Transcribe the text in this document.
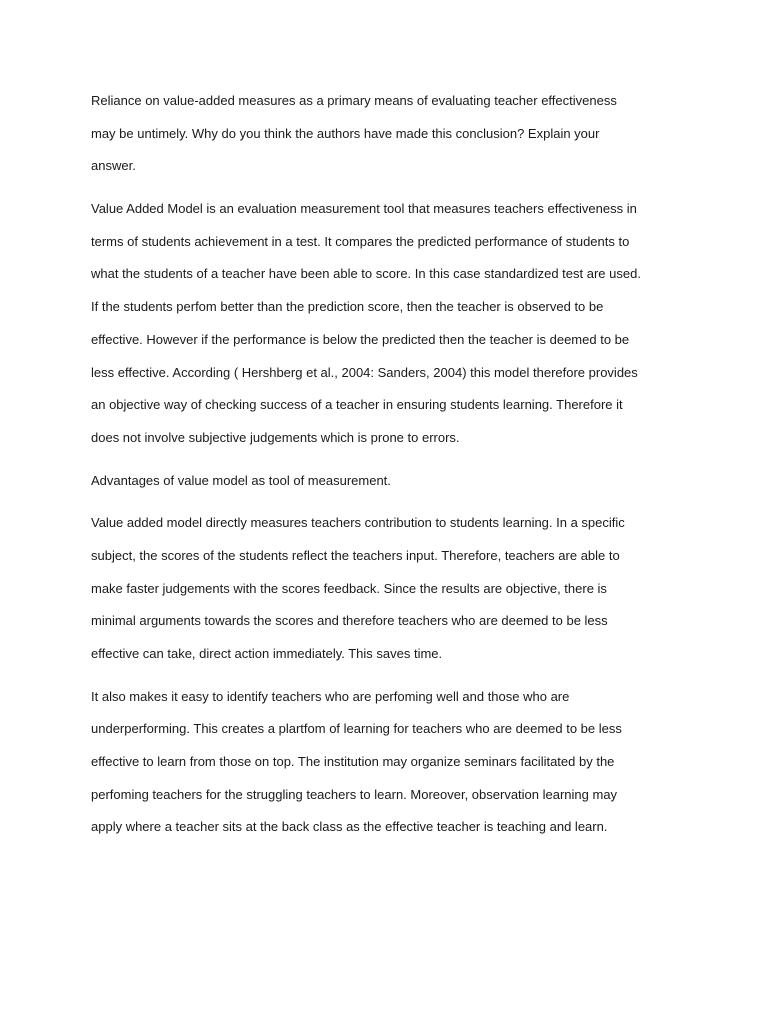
Reliance on value-added measures as a primary means of evaluating teacher effectiveness
may be untimely. Why do you think the authors have made this conclusion? Explain your
answer.

Value Added Model is an evaluation measurement tool that measures teachers effectiveness in
terms of students achievement in a test. It compares the predicted performance of students to
what the students of a teacher have been able to score. In this case standardized test are used.
If the students perfom better than the prediction score, then the teacher is observed to be
effective. However if the performance is below the predicted then the teacher is deemed to be
less effective. According ( Hershberg et al., 2004: Sanders, 2004) this model therefore provides
an objective way of checking success of a teacher in ensuring students learning. Therefore it
does not involve subjective judgements which is prone to errors.

Advantages of value model as tool of measurement.

Value added model directly measures teachers contribution to students learning. In a specific
subject, the scores of the students reflect the teachers input. Therefore, teachers are able to
make faster judgements with the scores feedback. Since the results are objective, there is
minimal arguments towards the scores and therefore teachers who are deemed to be less
effective can take, direct action immediately. This saves time.

It also makes it easy to identify teachers who are perfoming well and those who are
underperforming. This creates a plartfom of learning for teachers who are deemed to be less
effective to learn from those on top. The institution may organize seminars facilitated by the
perfoming teachers for the struggling teachers to learn. Moreover, observation learning may
apply where a teacher sits at the back class as the effective teacher is teaching and learn.
